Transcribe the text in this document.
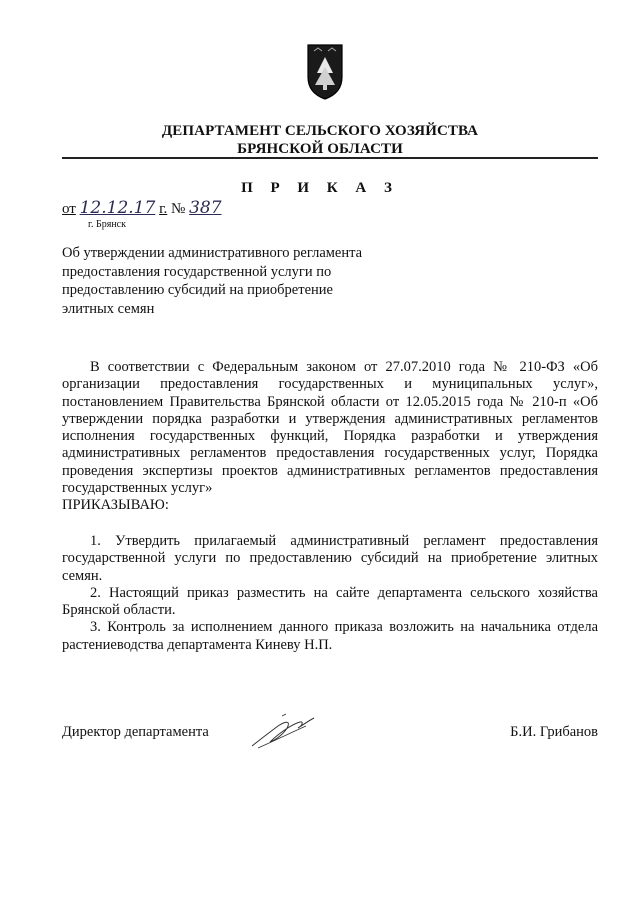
ДЕПАРТАМЕНТ СЕЛЬСКОГО ХОЗЯЙСТВА
БРЯНСКОЙ ОБЛАСТИ
П Р И К А З
от 12.12.17 г. № 387
г. Брянск

Об утверждении административного регламента

предоставления государственной услуги по

предоставлению субсидий на приобретение

элитных семян

В соответствии с Федеральным законом от 27.07.2010 года № 210-ФЗ «Об организации предоставления государственных и муниципальных услуг», постановлением Правительства Брянской области от 12.05.2015 года № 210-п «Об утверждении порядка разработки и утверждения административных регламентов исполнения государственных функций, Порядка разработки и утверждения административных регламентов предоставления государственных услуг, Порядка проведения экспертизы проектов административных регламентов предоставления государственных услуг»

ПРИКАЗЫВАЮ:

1. Утвердить прилагаемый административный регламент предоставления государственной услуги по предоставлению субсидий на приобретение элитных семян.

2. Настоящий приказ разместить на сайте департамента сельского хозяйства Брянской области.

3. Контроль за исполнением данного приказа возложить на начальника отдела растениеводства департамента Киневу Н.П.

Директор департамента	Б.И. Грибанов
